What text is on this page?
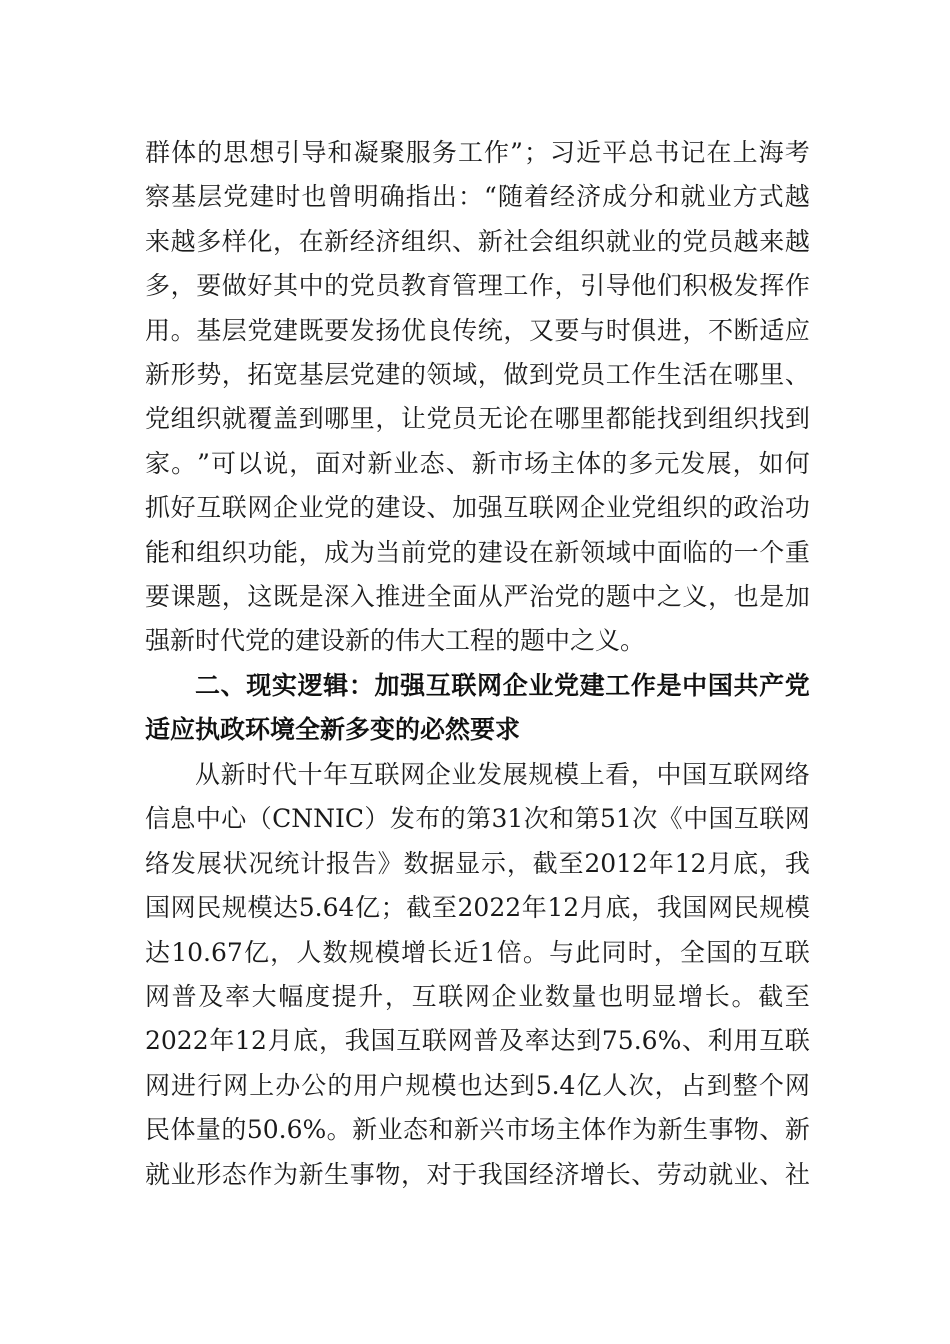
群 体 的 思 想 引 导 和 凝 聚 服 务 工 作 ” ； 习 近 平 总 书 记 在 上 海 考
察 基 层 党 建 时 也 曾 明 确 指 出 ： “ 随 着 经 济 成 分 和 就 业 方 式 越
来 越 多 样 化 ， 在 新 经 济 组 织 、 新 社 会 组 织 就 业 的 党 员 越 来 越
多 ， 要 做 好 其 中 的 党 员 教 育 管 理 工 作 ， 引 导 他 们 积 极 发 挥 作
用 。 基 层 党 建 既 要 发 扬 优 良 传 统 ， 又 要 与 时 俱 进 ， 不 断 适 应
新 形 势 ， 拓 宽 基 层 党 建 的 领 域 ， 做 到 党 员 工 作 生 活 在 哪 里 、
党 组 织 就 覆 盖 到 哪 里 ， 让 党 员 无 论 在 哪 里 都 能 找 到 组 织 找 到
家 。 ” 可 以 说 ， 面 对 新 业 态 、 新 市 场 主 体 的 多 元 发 展 ， 如 何
抓 好 互 联 网 企 业 党 的 建 设 、 加 强 互 联 网 企 业 党 组 织 的 政 治 功
能 和 组 织 功 能 ， 成 为 当 前 党 的 建 设 在 新 领 域 中 面 临 的 一 个 重
要 课 题 ， 这 既 是 深 入 推 进 全 面 从 严 治 党 的 题 中 之 义 ， 也 是 加
强新时代党的建设新的伟大工程的题中之义。
二 、 现 实 逻 辑 ： 加 强 互 联 网 企 业 党 建 工 作 是 中 国 共 产 党
适应执政环境全新多变的必然要求
从 新 时 代 十 年 互 联 网 企 业 发 展 规 模 上 看 ， 中 国 互 联 网 络
信 息 中 心 （ CNNIC ） 发 布 的 第 31 次 和 第 51 次 《 中 国 互 联 网
络 发 展 状 况 统 计 报 告 》 数 据 显 示 ， 截 至 2012 年 12 月 底 ， 我
国 网 民 规 模 达 5.64 亿 ； 截 至 2022 年 12 月 底 ， 我 国 网 民 规 模
达 10.67 亿 ， 人 数 规 模 增 长 近 1 倍 。 与 此 同 时 ， 全 国 的 互 联
网 普 及 率 大 幅 度 提 升 ， 互 联 网 企 业 数 量 也 明 显 增 长 。 截 至
2022 年 12 月 底 ， 我 国 互 联 网 普 及 率 达 到 75.6% 、 利 用 互 联
网 进 行 网 上 办 公 的 用 户 规 模 也 达 到 5.4 亿 人 次 ， 占 到 整 个 网
民 体 量 的 50.6% 。 新 业 态 和 新 兴 市 场 主 体 作 为 新 生 事 物 、 新
就 业 形 态 作 为 新 生 事 物 ， 对 于 我 国 经 济 增 长 、 劳 动 就 业 、 社
